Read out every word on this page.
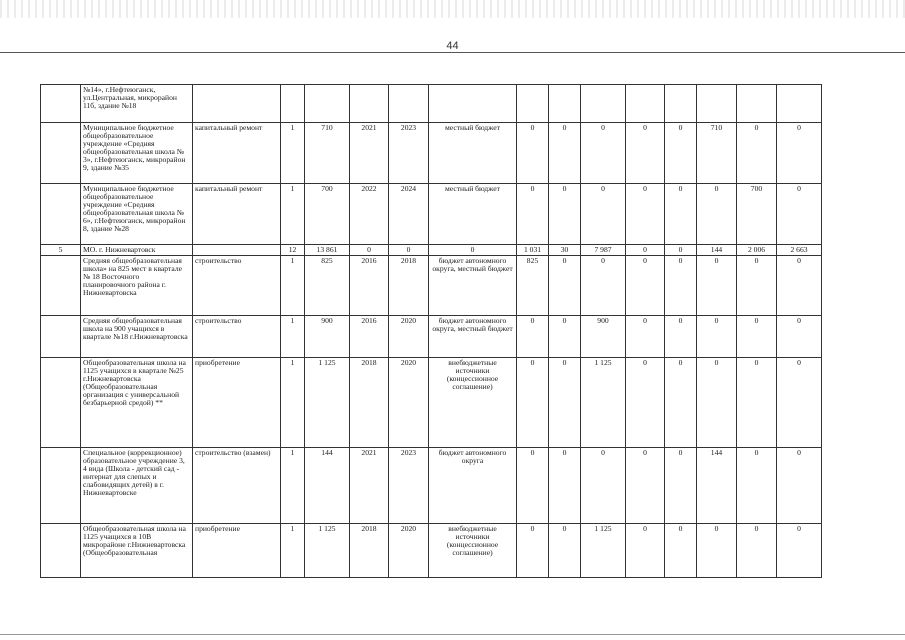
44
	№14», г.Нефтеюганск, ул.Центральная, микрорайон 11б, здание №18															
	Муниципальное бюджетное общеобразовательное учреждение «Средняя общеобразовательная школа № 3», г.Нефтеюганск, микрорайон 9, здание №35	капитальный ремонт	1	710	2021	2023	местный бюджет	0	0	0	0	0	710	0	0	
	Муниципальное бюджетное общеобразовательное учреждение «Средняя общеобразовательная школа № 6», г.Нефтеюганск, микрорайон 8, здание №28	капитальный ремонт	1	700	2022	2024	местный бюджет	0	0	0	0	0	0	700	0	
5	МО. г. Нижневартовск		12	13 861	0	0	0	1 031	30	7 987	0	0	144	2 006	2 663	
	Средняя общеобразовательная школа» на 825 мест в квартале № 18 Восточного планировочного района г. Нижневартовска	строительство	1	825	2016	2018	бюджет автономного округа, местный бюджет	825	0	0	0	0	0	0	0	
	Средняя общеобразовательная школа на 900 учащихся в квартале №18 г.Нижневартовска	строительство	1	900	2016	2020	бюджет автономного округа, местный бюджет	0	0	900	0	0	0	0	0	
	Общеобразовательная школа на 1125 учащихся в квартале №25 г.Нижневартовска (Общеобразовательная организация с универсальной безбарьерной средой) **	приобретение	1	1 125	2018	2020	внебюджетные источники (концессионное соглашение)	0	0	1 125	0	0	0	0	0	
	Специальное (коррекционное) образовательное учреждение 3, 4 вида (Школа - детский сад - интернат для слепых и слабовидящих детей) в г. Нижневартовске	строительство (взамен)	1	144	2021	2023	бюджет автономного округа	0	0	0	0	0	144	0	0	
	Общеобразовательная школа на 1125 учащихся в 10В микрорайоне г.Нижневартовска (Общеобразовательная	приобретение	1	1 125	2018	2020	внебюджетные источники (концессионное соглашение)	0	0	1 125	0	0	0	0	0	
